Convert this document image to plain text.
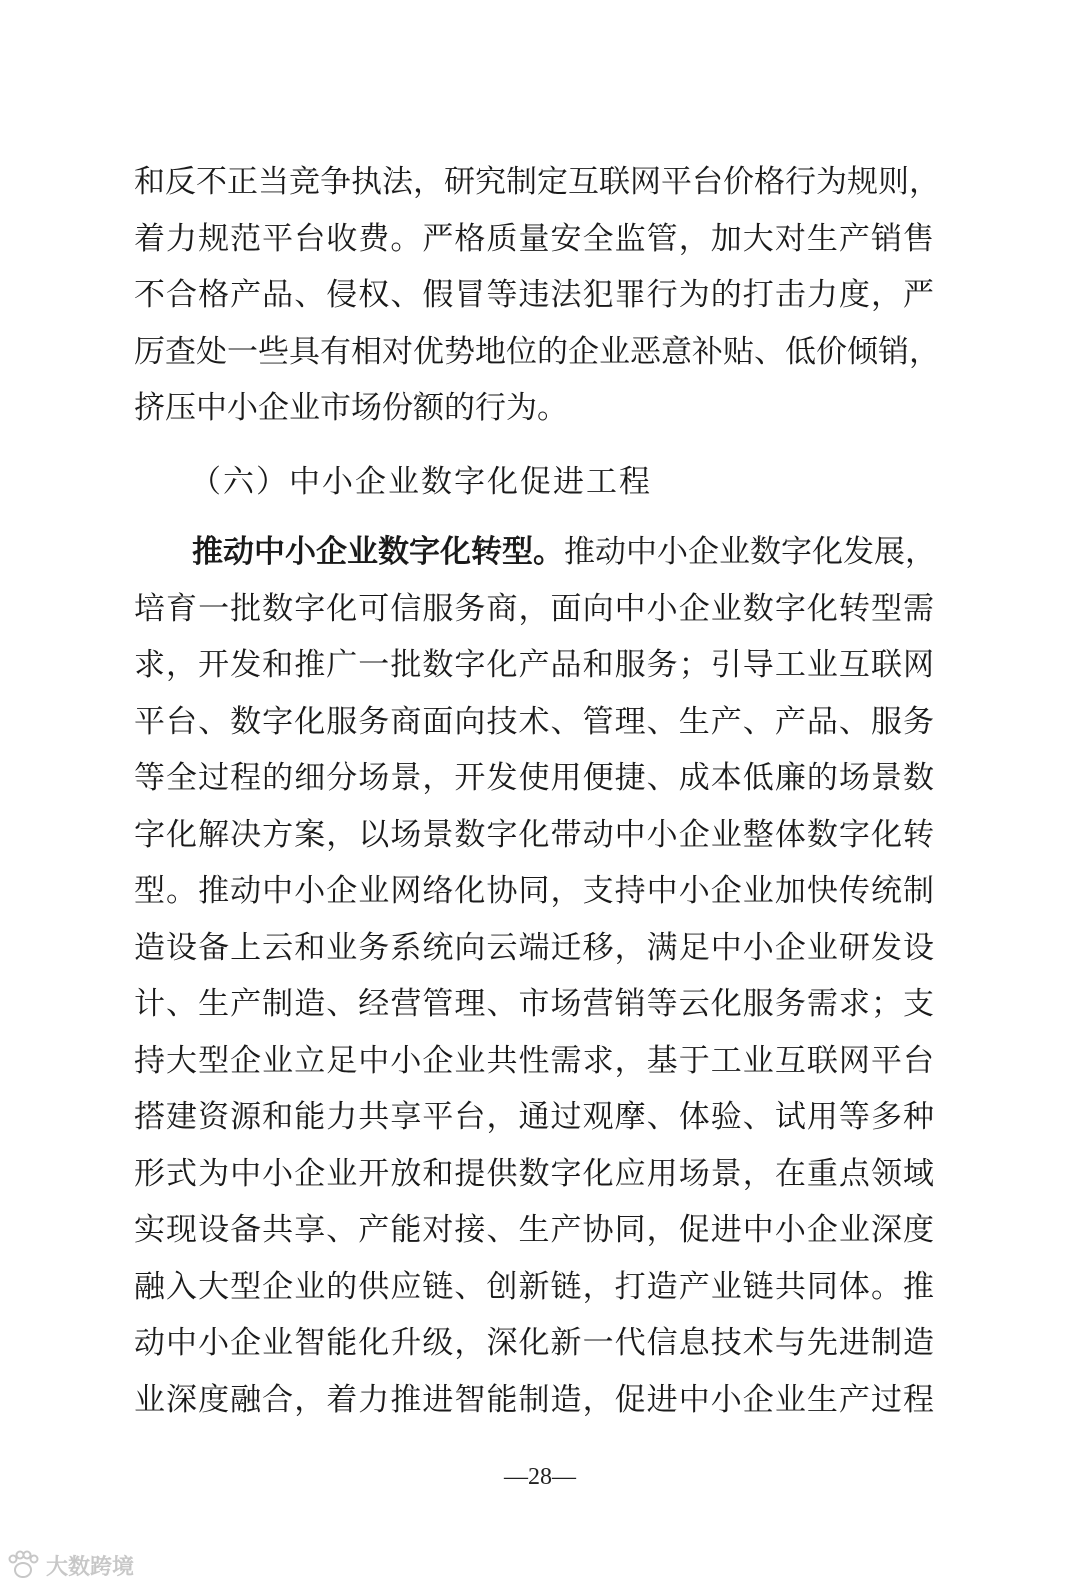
和反不正当竞争执法，研究制定互联网平台价格行为规则，
着力规范平台收费。严格质量安全监管，加大对生产销售
不合格产品、侵权、假冒等违法犯罪行为的打击力度，严
厉查处一些具有相对优势地位的企业恶意补贴、低价倾销，
挤压中小企业市场份额的行为。
（六）中小企业数字化促进工程
推动中小企业数字化转型。推动中小企业数字化发展，
培育一批数字化可信服务商，面向中小企业数字化转型需
求，开发和推广一批数字化产品和服务；引导工业互联网
平台、数字化服务商面向技术、管理、生产、产品、服务
等全过程的细分场景，开发使用便捷、成本低廉的场景数
字化解决方案，以场景数字化带动中小企业整体数字化转
型。推动中小企业网络化协同，支持中小企业加快传统制
造设备上云和业务系统向云端迁移，满足中小企业研发设
计、生产制造、经营管理、市场营销等云化服务需求；支
持大型企业立足中小企业共性需求，基于工业互联网平台
搭建资源和能力共享平台，通过观摩、体验、试用等多种
形式为中小企业开放和提供数字化应用场景，在重点领域
实现设备共享、产能对接、生产协同，促进中小企业深度
融入大型企业的供应链、创新链，打造产业链共同体。推
动中小企业智能化升级，深化新一代信息技术与先进制造
业深度融合，着力推进智能制造，促进中小企业生产过程
—28—
大数跨境
